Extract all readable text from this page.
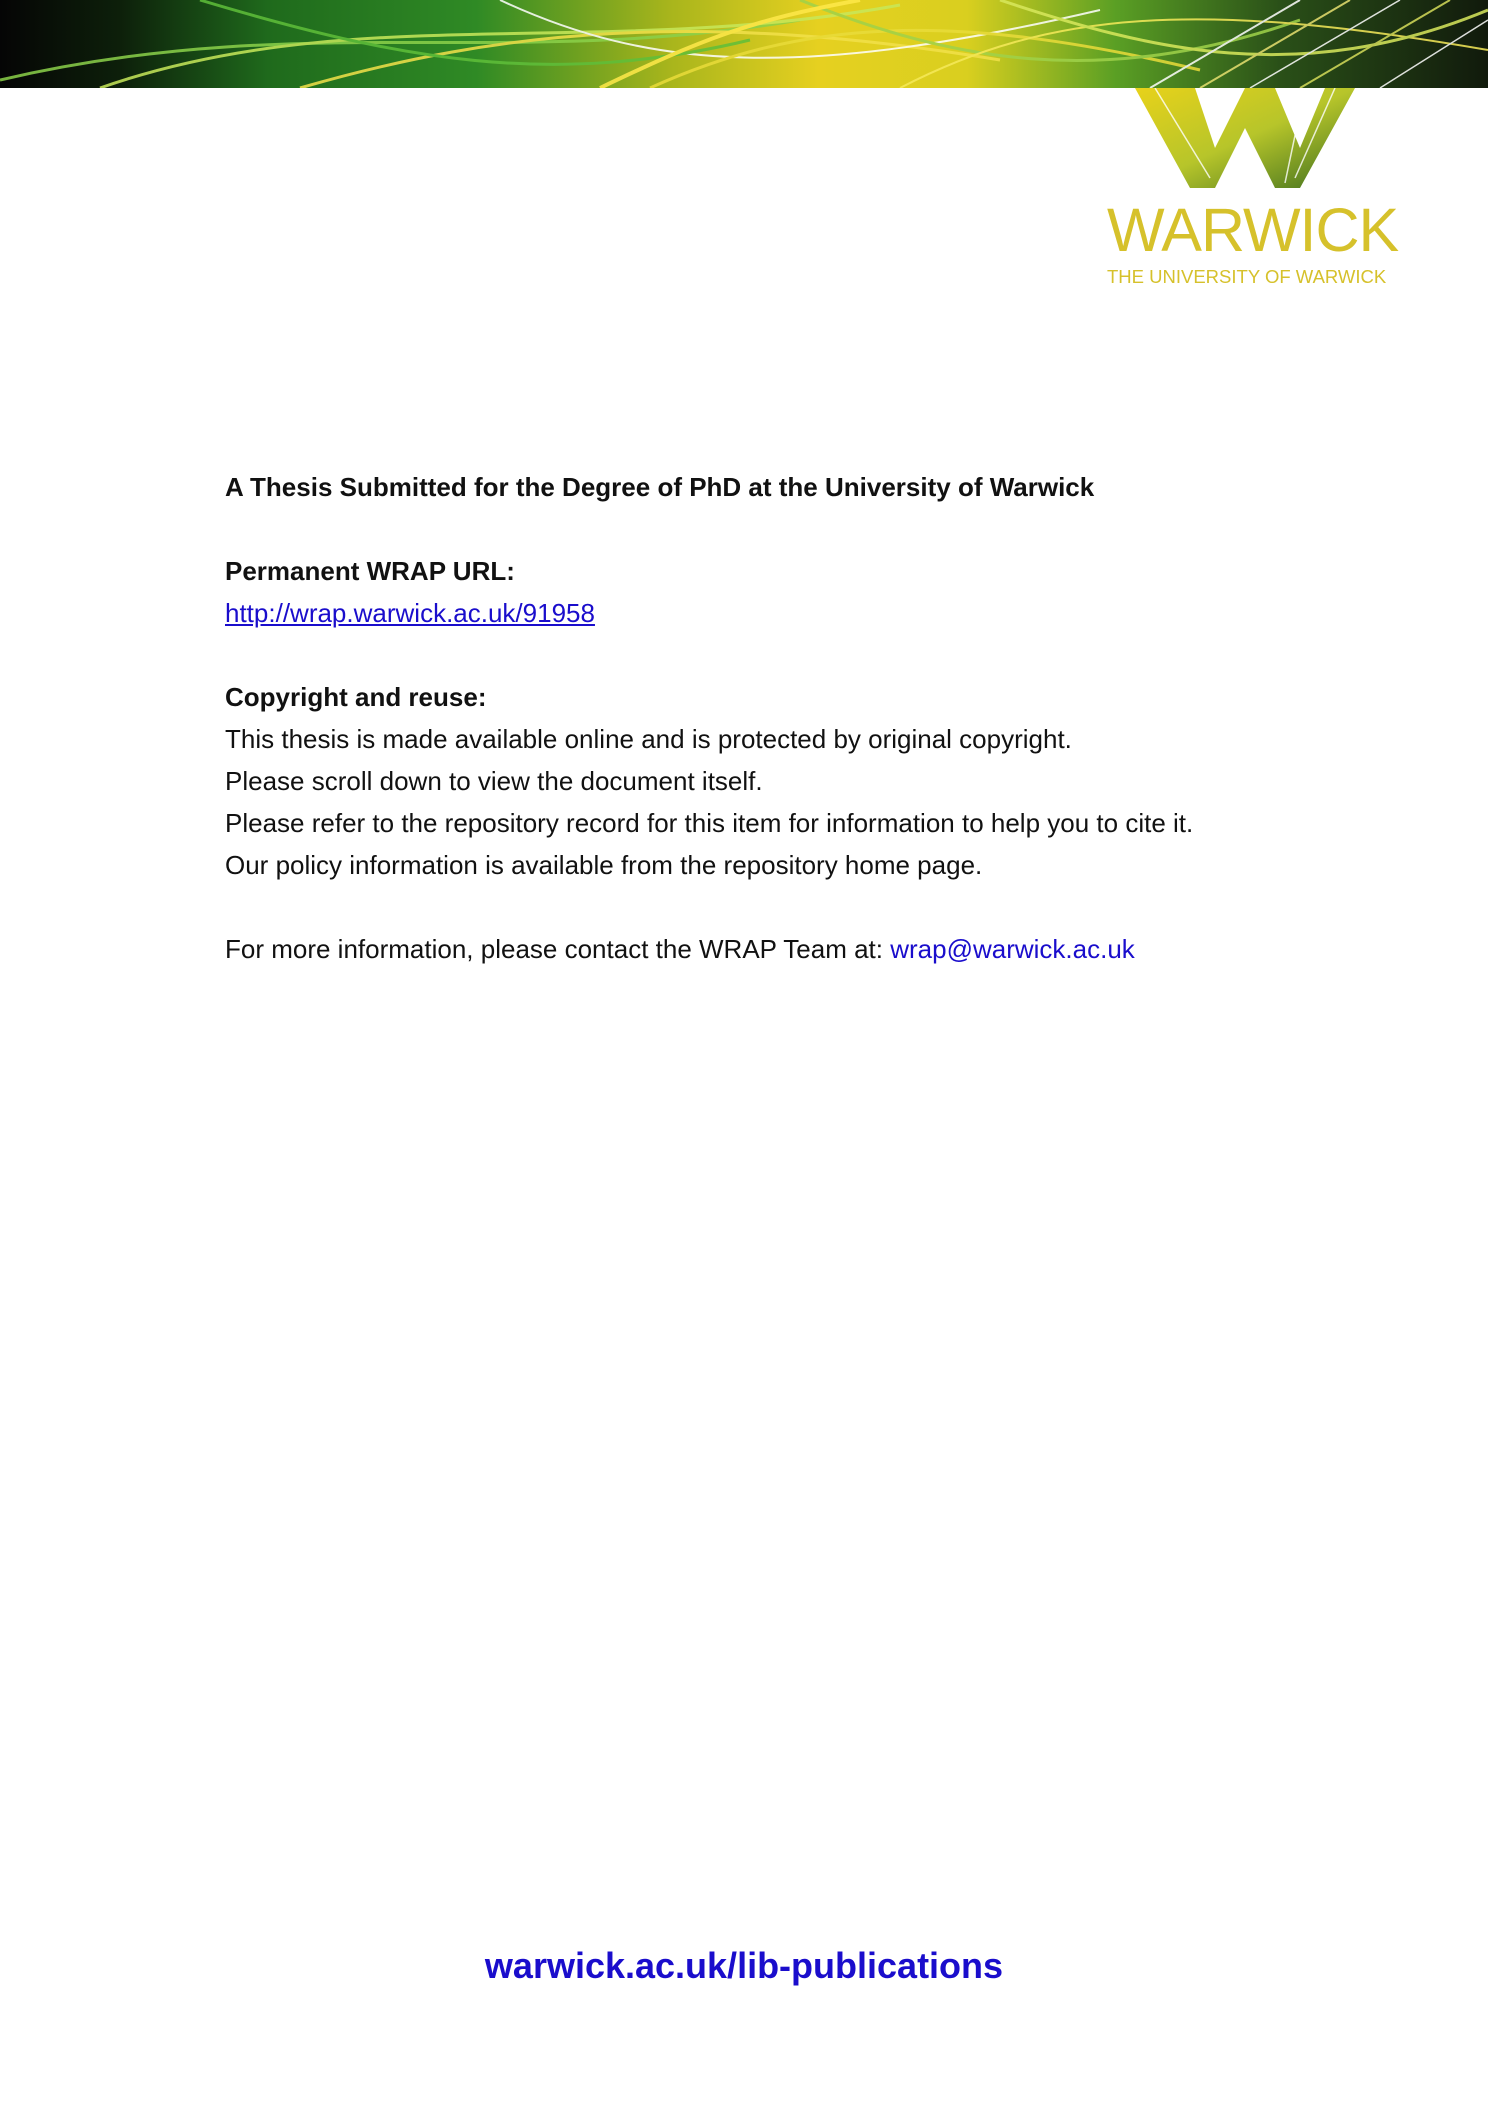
WARWICK
THE UNIVERSITY OF WARWICK

A Thesis Submitted for the Degree of PhD at the University of Warwick

Permanent WRAP URL:

http://wrap.warwick.ac.uk/91958

Copyright and reuse:

This thesis is made available online and is protected by original copyright.

Please scroll down to view the document itself.

Please refer to the repository record for this item for information to help you to cite it.

Our policy information is available from the repository home page.

For more information, please contact the WRAP Team at: wrap@warwick.ac.uk

warwick.ac.uk/lib-publications
